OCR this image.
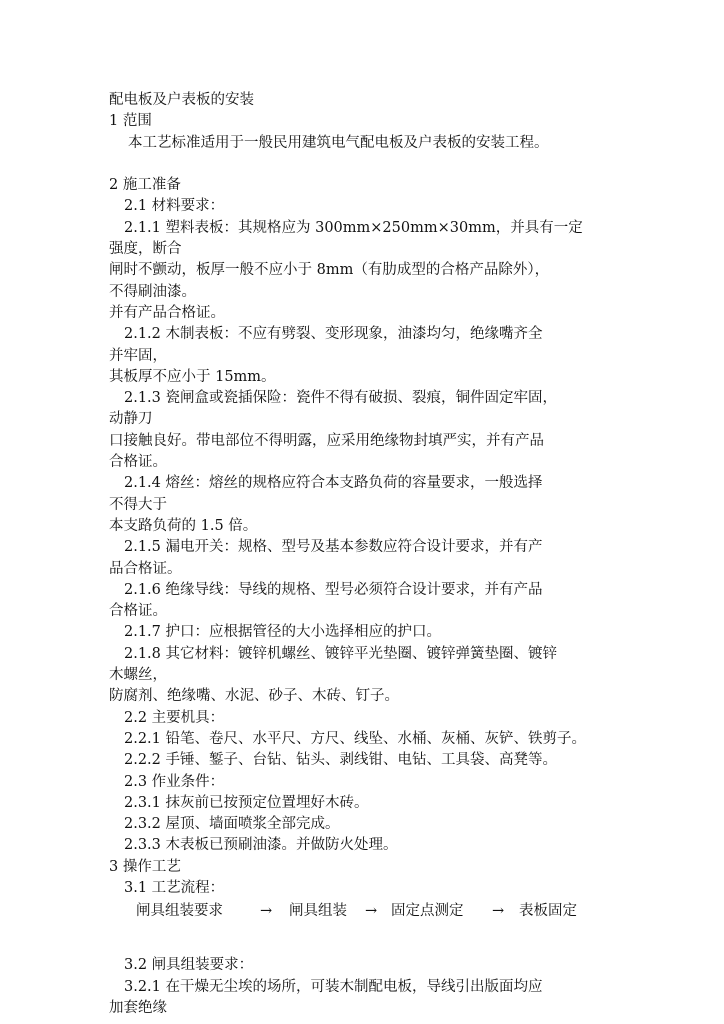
配电板及户表板的安装
1 范围
本工艺标准适用于一般民用建筑电气配电板及户表板的安装工程。
2 施工准备
2.1 材料要求：
2.1.1 塑料表板：其规格应为 300mm×250mm×30mm，并具有一定
强度，断合
闸时不颤动，板厚一般不应小于 8mm（有肋成型的合格产品除外），
不得刷油漆。
并有产品合格证。
2.1.2 木制表板：不应有劈裂、变形现象，油漆均匀，绝缘嘴齐全
并牢固，
其板厚不应小于 15mm。
2.1.3 瓷闸盒或瓷插保险：瓷件不得有破损、裂痕，铜件固定牢固，
动静刀
口接触良好。带电部位不得明露，应采用绝缘物封填严实，并有产品
合格证。
2.1.4 熔丝：熔丝的规格应符合本支路负荷的容量要求，一般选择
不得大于
本支路负荷的 1.5 倍。
2.1.5 漏电开关：规格、型号及基本参数应符合设计要求，并有产
品合格证。
2.1.6 绝缘导线：导线的规格、型号必须符合设计要求，并有产品
合格证。
2.1.7 护口：应根据管径的大小选择相应的护口。
2.1.8 其它材料：镀锌机螺丝、镀锌平光垫圈、镀锌弹簧垫圈、镀锌
木螺丝，
防腐剂、绝缘嘴、水泥、砂子、木砖、钉子。
2.2 主要机具：
2.2.1 铅笔、卷尺、水平尺、方尺、线坠、水桶、灰桶、灰铲、铁剪子。
2.2.2 手锤、錾子、台钻、钻头、剥线钳、电钻、工具袋、高凳等。
2.3 作业条件：
2.3.1 抹灰前已按预定位置埋好木砖。
2.3.2 屋顶、墙面喷浆全部完成。
2.3.3 木表板已预刷油漆。并做防火处理。
3 操作工艺
3.1 工艺流程：
闸具组装要求	→ 闸具组装 → 固定点测定 → 表板固定
3.2 闸具组装要求：
3.2.1 在干燥无尘埃的场所，可装木制配电板，导线引出版面均应
加套绝缘
